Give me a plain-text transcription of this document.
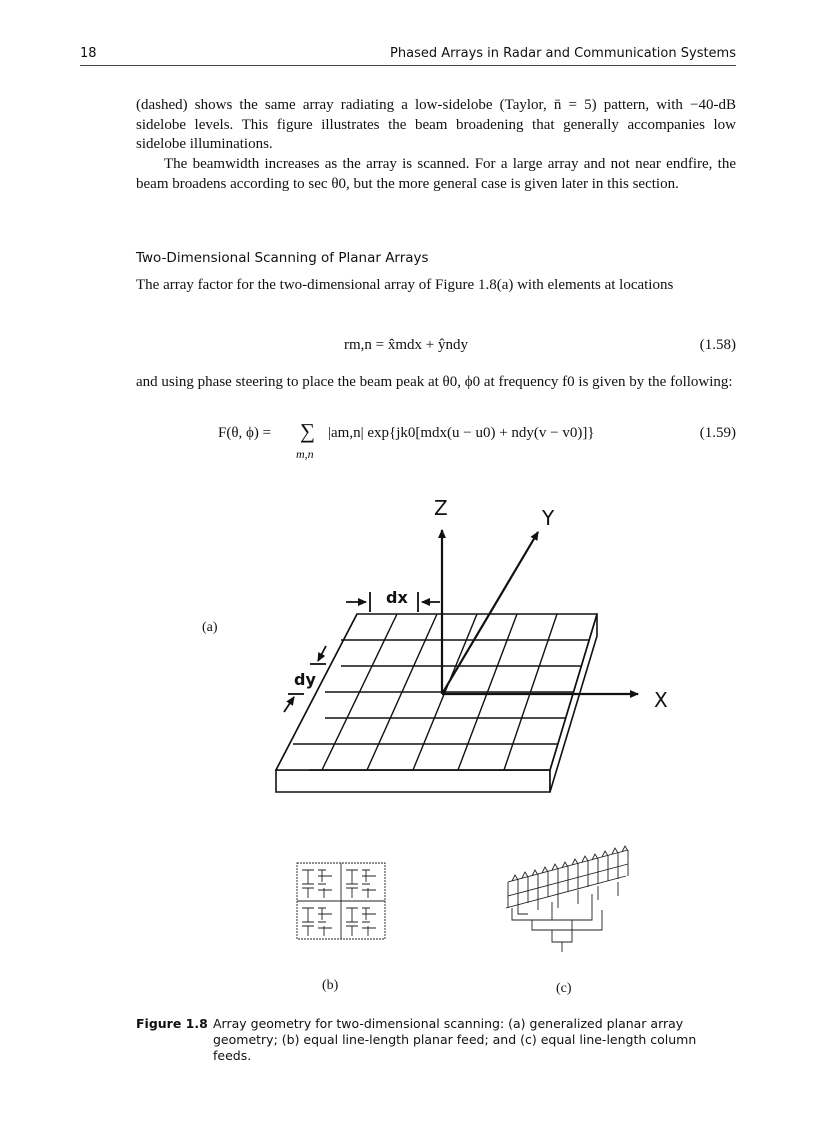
18	Phased Arrays in Radar and Communication Systems

(dashed) shows the same array radiating a low-sidelobe (Taylor, n̄ = 5) pattern, with −40-dB sidelobe levels. This figure illustrates the beam broadening that generally accompanies low sidelobe illuminations.

The beamwidth increases as the array is scanned. For a large array and not near endfire, the beam broadens according to sec θ0, but the more general case is given later in this section.

Two-Dimensional Scanning of Planar Arrays

The array factor for the two-dimensional array of Figure 1.8(a) with elements at locations

rm,n = x̂mdx + ŷndy	(1.58)

and using phase steering to place the beam peak at θ0, ϕ0 at frequency f0 is given by the following:

F(θ, ϕ) = ∑
m,n
|am,n| exp{jk0[mdx(u − u0) + ndy(v − v0)]}	(1.59)
Z	Y
X
dx
dy
(a)
(b)	(c)
Figure 1.8 Array geometry for two-dimensional scanning: (a) generalized planar array geometry; (b) equal line-length planar feed; and (c) equal line-length column feeds.
